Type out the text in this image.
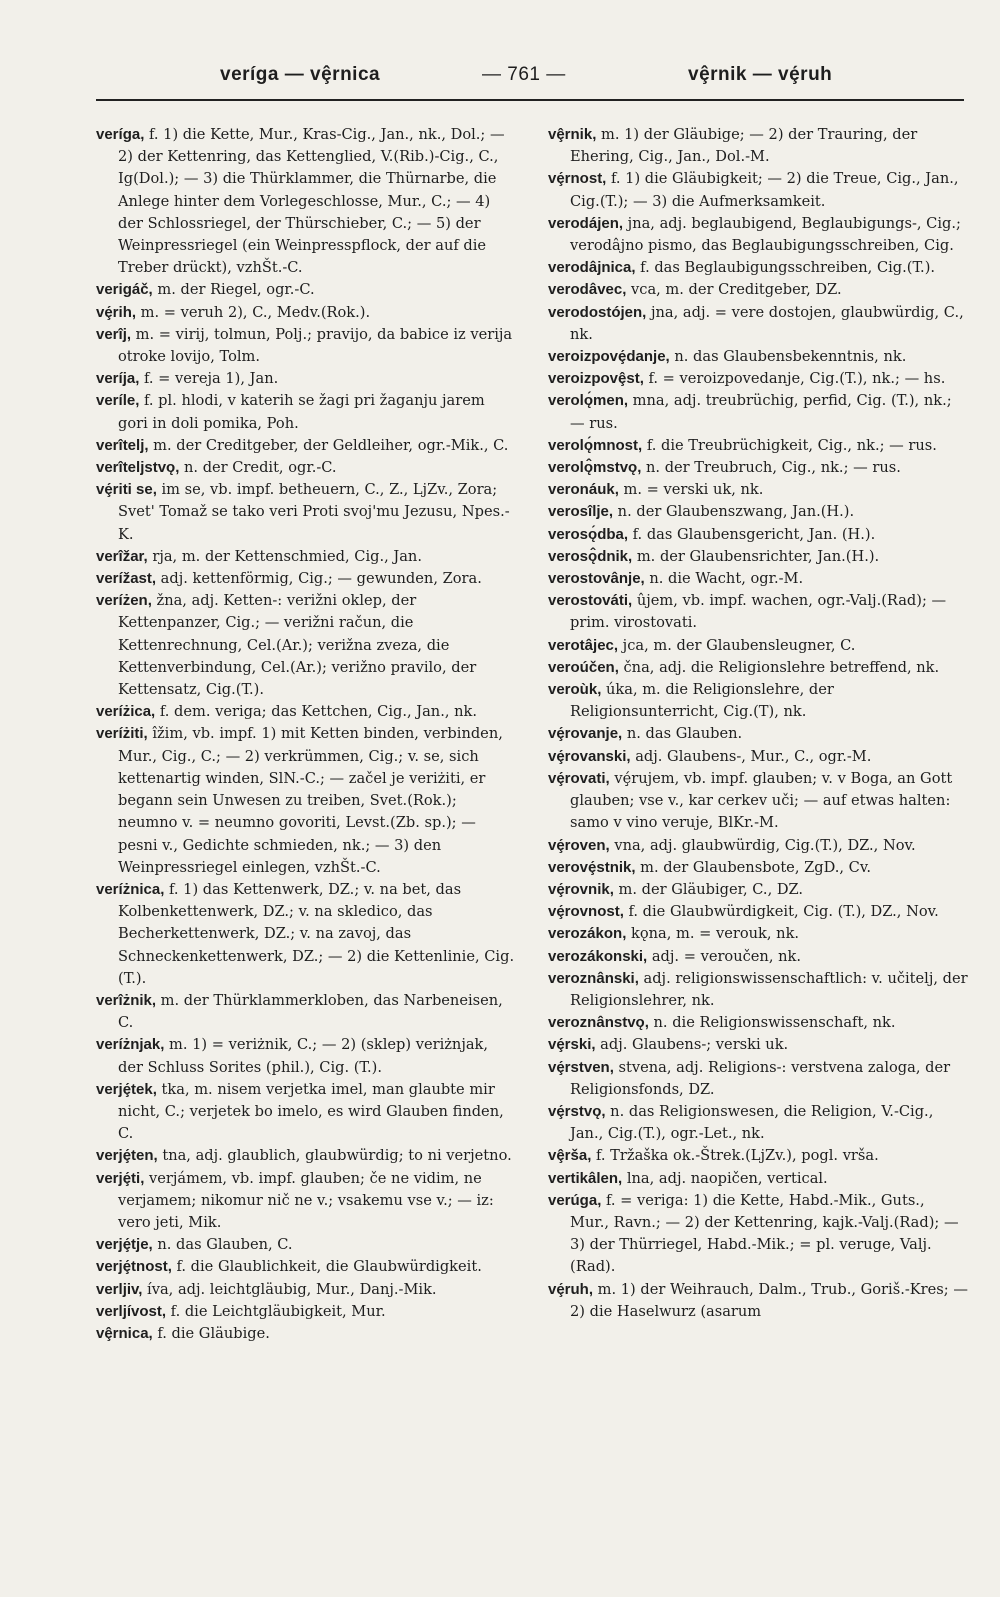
veríga — vȩ̂rnica	— 761 —	vȩ̂rnik — vȩ́ruh

veríga, f. 1) die Kette, Mur., Kras-Cig., Jan., nk., Dol.; — 2) der Kettenring, das Kettenglied, V.(Rib.)-Cig., C., Ig(Dol.); — 3) die Thürklammer, die Thürnarbe, die Anlege hinter dem Vorlegeschlosse, Mur., C.; — 4) der Schlossriegel, der Thürschieber, C.; — 5) der Weinpressriegel (ein Weinpresspflock, der auf die Treber drückt), vzhŠt.-C.

verigáč, m. der Riegel, ogr.-C.

vȩ́rih, m. = veruh 2), C., Medv.(Rok.).

verîj, m. = virij, tolmun, Polj.; pravijo, da babice iz verija otroke lovijo, Tolm.

veríja, f. = vereja 1), Jan.

veríle, f. pl. hlodi, v katerih se žagi pri žaganju jarem gori in doli pomika, Poh.

verîtelj, m. der Creditgeber, der Geldleiher, ogr.-Mik., C.

verîteljstvǫ, n. der Credit, ogr.-C.

vȩ́riti se, im se, vb. impf. betheuern, C., Z., LjZv., Zora; Svet' Tomaž se tako veri Proti svoj'mu Jezusu, Npes.-K.

verîžar, rja, m. der Kettenschmied, Cig., Jan.

verížast, adj. kettenförmig, Cig.; — gewunden, Zora.

veríżen, žna, adj. Ketten-: verižni oklep, der Kettenpanzer, Cig.; — verižni račun, die Kettenrechnung, Cel.(Ar.); verižna zveza, die Kettenverbindung, Cel.(Ar.); verižno pravilo, der Kettensatz, Cig.(T.).

veríżica, f. dem. veriga; das Kettchen, Cig., Jan., nk.

veríżiti, îžim, vb. impf. 1) mit Ketten binden, verbinden, Mur., Cig., C.; — 2) verkrümmen, Cig.; v. se, sich kettenartig winden, SlN.-C.; — začel je veriżiti, er begann sein Unwesen zu treiben, Svet.(Rok.); neumno v. = neumno govoriti, Levst.(Zb. sp.); — pesni v., Gedichte schmieden, nk.; — 3) den Weinpressriegel einlegen, vzhŠt.-C.

veríżnica, f. 1) das Kettenwerk, DZ.; v. na bet, das Kolbenkettenwerk, DZ.; v. na skledico, das Becherkettenwerk, DZ.; v. na zavoj, das Schneckenkettenwerk, DZ.; — 2) die Kettenlinie, Cig.(T.).

verîżnik, m. der Thürklammerkloben, das Narbeneisen, C.

veríżnjak, m. 1) = veriżnik, C.; — 2) (sklep) veriżnjak, der Schluss Sorites (phil.), Cig. (T.).

verjȩ́tek, tka, m. nisem verjetka imel, man glaubte mir nicht, C.; verjetek bo imelo, es wird Glauben finden, C.

verjȩ́ten, tna, adj. glaublich, glaubwürdig; to ni verjetno.

verjȩ́ti, verjámem, vb. impf. glauben; če ne vidim, ne verjamem; nikomur nič ne v.; vsakemu vse v.; — iz: vero jeti, Mik.

verjȩ́tje, n. das Glauben, C.

verjȩ́tnost, f. die Glaublichkeit, die Glaubwürdigkeit.

verljiv, íva, adj. leichtgläubig, Mur., Danj.-Mik.

verljívost, f. die Leichtgläubigkeit, Mur.

vȩ̂rnica, f. die Gläubige.

vȩ̂rnik, m. 1) der Gläubige; — 2) der Trauring, der Ehering, Cig., Jan., Dol.-M.

vȩ́rnost, f. 1) die Gläubigkeit; — 2) die Treue, Cig., Jan., Cig.(T.); — 3) die Aufmerksamkeit.

verodájen, jna, adj. beglaubigend, Beglaubigungs-, Cig.; verodâjno pismo, das Beglaubigungsschreiben, Cig.

verodâjnica, f. das Beglaubigungsschreiben, Cig.(T.).

verodâvec, vca, m. der Creditgeber, DZ.

verodostójen, jna, adj. = vere dostojen, glaubwürdig, C., nk.

veroizpovȩ́danje, n. das Glaubensbekenntnis, nk.

veroizpovȩ̂st, f. = veroizpovedanje, Cig.(T.), nk.; — hs.

verolǫ́men, mna, adj. treubrüchig, perfid, Cig. (T.), nk.; — rus.

verolǫ́mnost, f. die Treubrüchigkeit, Cig., nk.; — rus.

verolǫ̂mstvǫ, n. der Treubruch, Cig., nk.; — rus.

veronáuk, m. = verski uk, nk.

verosîlje, n. der Glaubenszwang, Jan.(H.).

verosǫ́dba, f. das Glaubensgericht, Jan. (H.).

verosǫ̂dnik, m. der Glaubensrichter, Jan.(H.).

verostovânje, n. die Wacht, ogr.-M.

verostováti, ûjem, vb. impf. wachen, ogr.-Valj.(Rad); — prim. virostovati.

verotâjec, jca, m. der Glaubensleugner, C.

veroúčen, čna, adj. die Religionslehre betreffend, nk.

veroùk, úka, m. die Religionslehre, der Religionsunterricht, Cig.(T), nk.

vȩ́rovanje, n. das Glauben.

vȩ́rovanski, adj. Glaubens-, Mur., C., ogr.-M.

vȩ́rovati, vȩ́rujem, vb. impf. glauben; v. v Boga, an Gott glauben; vse v., kar cerkev uči; — auf etwas halten: samo v vino veruje, BlKr.-M.

vȩ́roven, vna, adj. glaubwürdig, Cig.(T.), DZ., Nov.

verovȩ́stnik, m. der Glaubensbote, ZgD., Cv.

vȩ́rovnik, m. der Gläubiger, C., DZ.

vȩ́rovnost, f. die Glaubwürdigkeit, Cig. (T.), DZ., Nov.

verozákon, kǫna, m. = verouk, nk.

verozákonski, adj. = veroučen, nk.

veroznânski, adj. religionswissenschaftlich: v. učitelj, der Religionslehrer, nk.

veroznânstvǫ, n. die Religionswissenschaft, nk.

vȩ́rski, adj. Glaubens-; verski uk.

vȩ́rstven, stvena, adj. Religions-: verstvena zaloga, der Religionsfonds, DZ.

vȩ́rstvǫ, n. das Religionswesen, die Religion, V.-Cig., Jan., Cig.(T.), ogr.-Let., nk.

vȩ̂rša, f. Tržaška ok.-Štrek.(LjZv.), pogl. vrša.

vertikâlen, lna, adj. naopičen, vertical.

verúga, f. = veriga: 1) die Kette, Habd.-Mik., Guts., Mur., Ravn.; — 2) der Kettenring, kajk.-Valj.(Rad); — 3) der Thürriegel, Habd.-Mik.; = pl. veruge, Valj.(Rad).

vȩ́ruh, m. 1) der Weihrauch, Dalm., Trub., Goriš.-Kres; — 2) die Haselwurz (asarum
